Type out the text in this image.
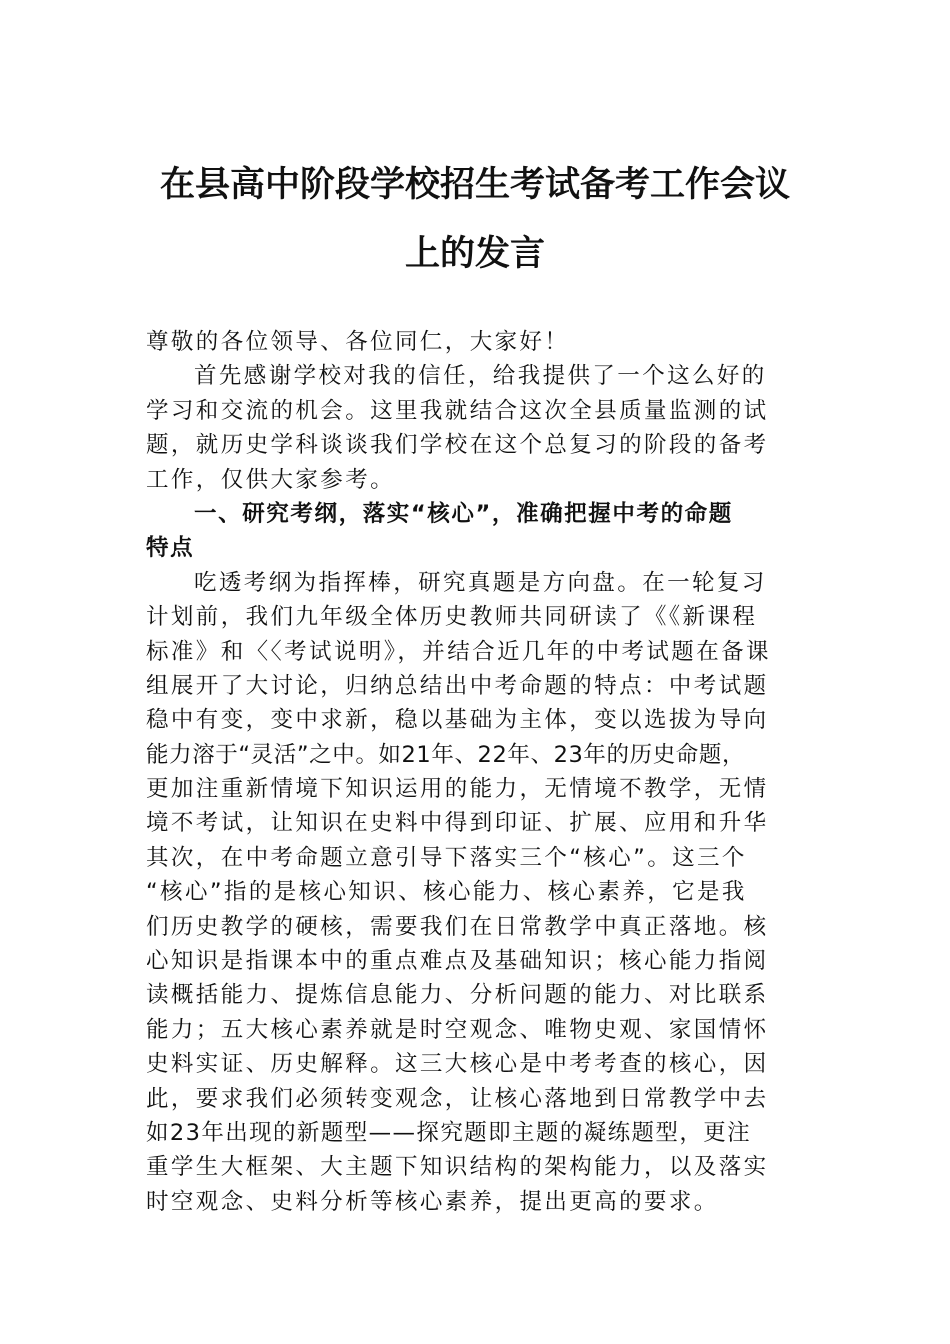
在县高中阶段学校招生考试备考工作会议
上的发言
尊敬的各位领导、各位同仁，大家好！
首先感谢学校对我的信任，给我提供了一个这么好的
学习和交流的机会。这里我就结合这次全县质量监测的试
题，就历史学科谈谈我们学校在这个总复习的阶段的备考
工作，仅供大家参考。
一、研究考纲，落实“核心”，准确把握中考的命题
特点
吃透考纲为指挥棒，研究真题是方向盘。在一轮复习
计划前，我们九年级全体历史教师共同研读了《《新课程
标准》和〈〈考试说明》，并结合近几年的中考试题在备课
组展开了大讨论，归纳总结出中考命题的特点：中考试题
稳中有变，变中求新，稳以基础为主体，变以选拔为导向
能力溶于“灵活”之中。如21年、22年、23年的历史命题，
更加注重新情境下知识运用的能力，无情境不教学，无情
境不考试，让知识在史料中得到印证、扩展、应用和升华
其次，在中考命题立意引导下落实三个“核心”。这三个
“核心”指的是核心知识、核心能力、核心素养，它是我
们历史教学的硬核，需要我们在日常教学中真正落地。核
心知识是指课本中的重点难点及基础知识；核心能力指阅
读概括能力、提炼信息能力、分析问题的能力、对比联系
能力；五大核心素养就是时空观念、唯物史观、家国情怀
史料实证、历史解释。这三大核心是中考考查的核心，因
此，要求我们必须转变观念，让核心落地到日常教学中去
如23年出现的新题型——探究题即主题的凝练题型，更注
重学生大框架、大主题下知识结构的架构能力，以及落实
时空观念、史料分析等核心素养，提出更高的要求。
